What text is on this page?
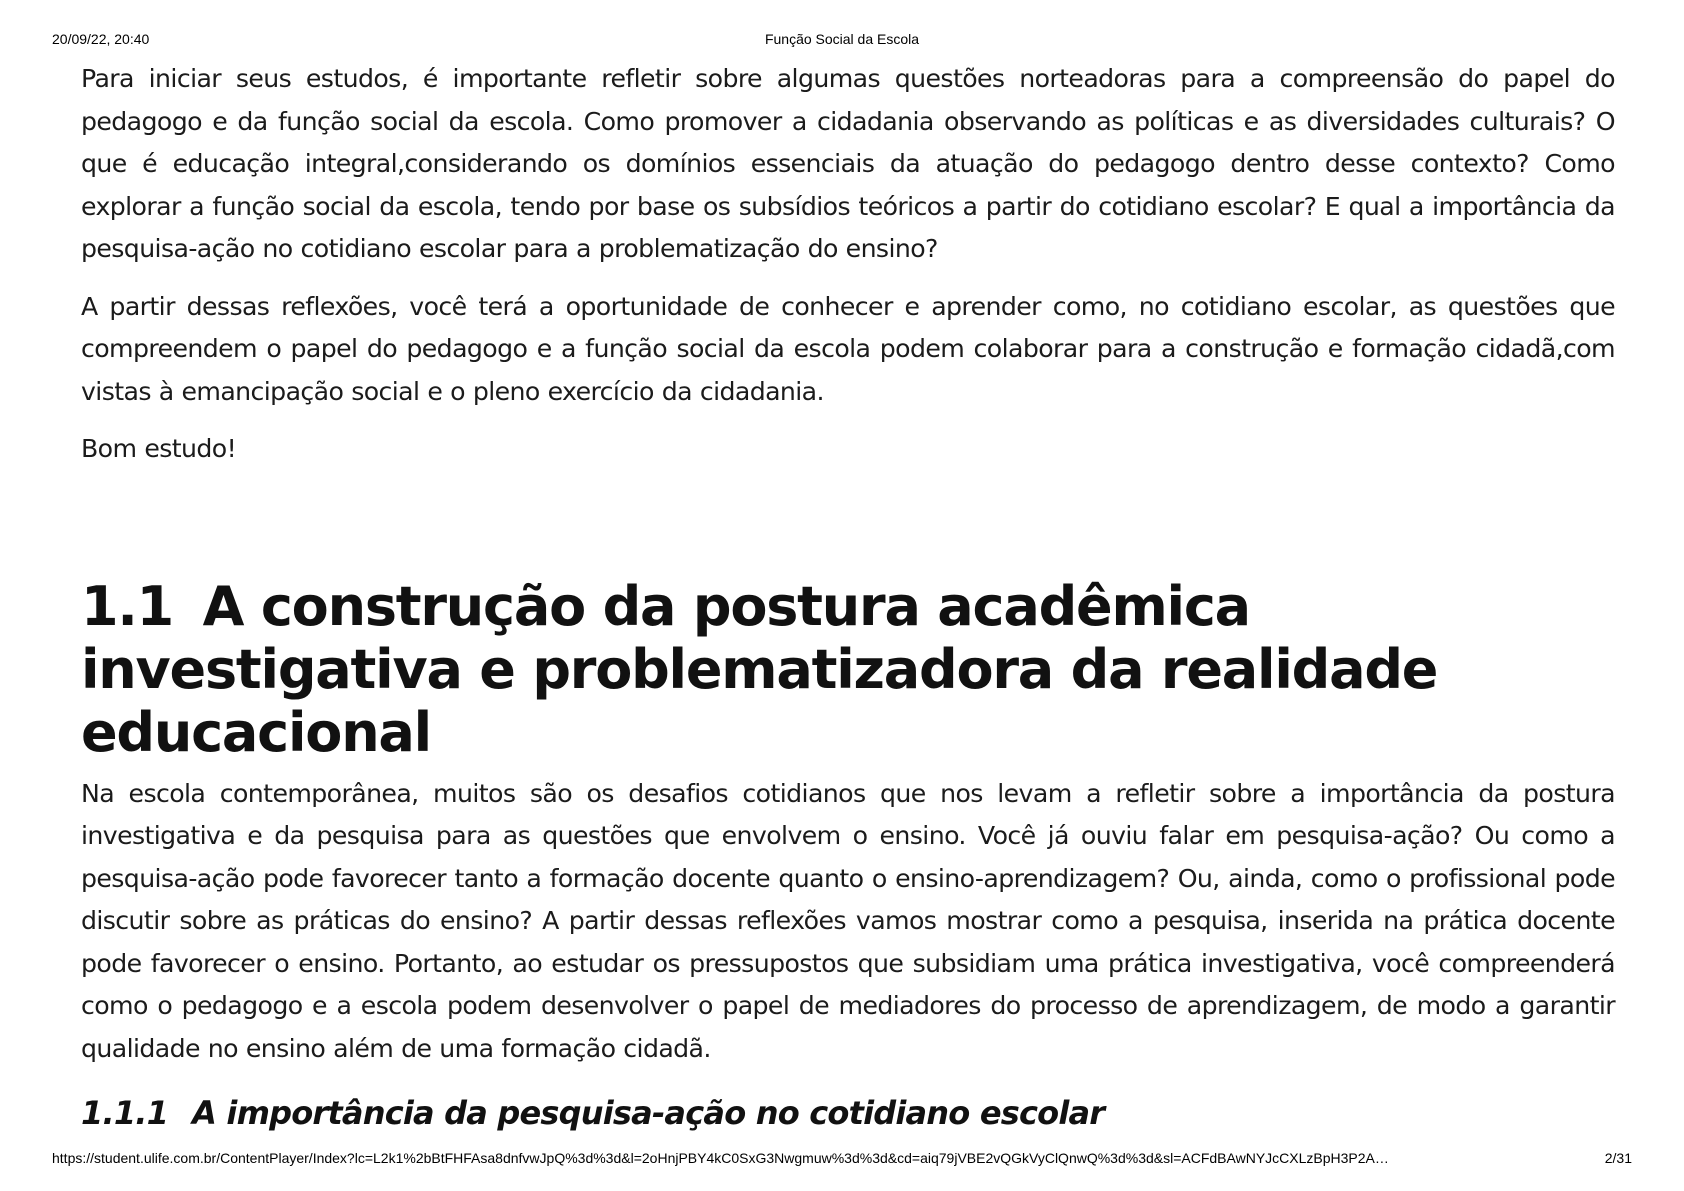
20/09/22, 20:40	Função Social da Escola

Para iniciar seus estudos, é importante refletir sobre algumas questões norteadoras para a compreensão do papel do pedagogo e da função social da escola. Como promover a cidadania observando as políticas e as diversidades culturais? O que é educação integral,considerando os domínios essenciais da atuação do pedagogo dentro desse contexto? Como explorar a função social da escola, tendo por base os subsídios teóricos a partir do cotidiano escolar? E qual a importância da pesquisa-ação no cotidiano escolar para a problematização do ensino?

A partir dessas reflexões, você terá a oportunidade de conhecer e aprender como, no cotidiano escolar, as questões que compreendem o papel do pedagogo e a função social da escola podem colaborar para a construção e formação cidadã,com vistas à emancipação social e o pleno exercício da cidadania.

Bom estudo!

1.1 A construção da postura acadêmica investigativa e problematizadora da realidade educacional

Na escola contemporânea, muitos são os desafios cotidianos que nos levam a refletir sobre a importância da postura investigativa e da pesquisa para as questões que envolvem o ensino. Você já ouviu falar em pesquisa-ação? Ou como a pesquisa-ação pode favorecer tanto a formação docente quanto o ensino-aprendizagem? Ou, ainda, como o profissional pode discutir sobre as práticas do ensino? A partir dessas reflexões vamos mostrar como a pesquisa, inserida na prática docente pode favorecer o ensino. Portanto, ao estudar os pressupostos que subsidiam uma prática investigativa, você compreenderá como o pedagogo e a escola podem desenvolver o papel de mediadores do processo de aprendizagem, de modo a garantir qualidade no ensino além de uma formação cidadã.

1.1.1 A importância da pesquisa-ação no cotidiano escolar
https://student.ulife.com.br/ContentPlayer/Index?lc=L2k1%2bBtFHFAsa8dnfvwJpQ%3d%3d&l=2oHnjPBY4kC0SxG3Nwgmuw%3d%3d&cd=aiq79jVBE2vQGkVyClQnwQ%3d%3d&sl=ACFdBAwNYJcCXLzBpH3P2A…	2/31
